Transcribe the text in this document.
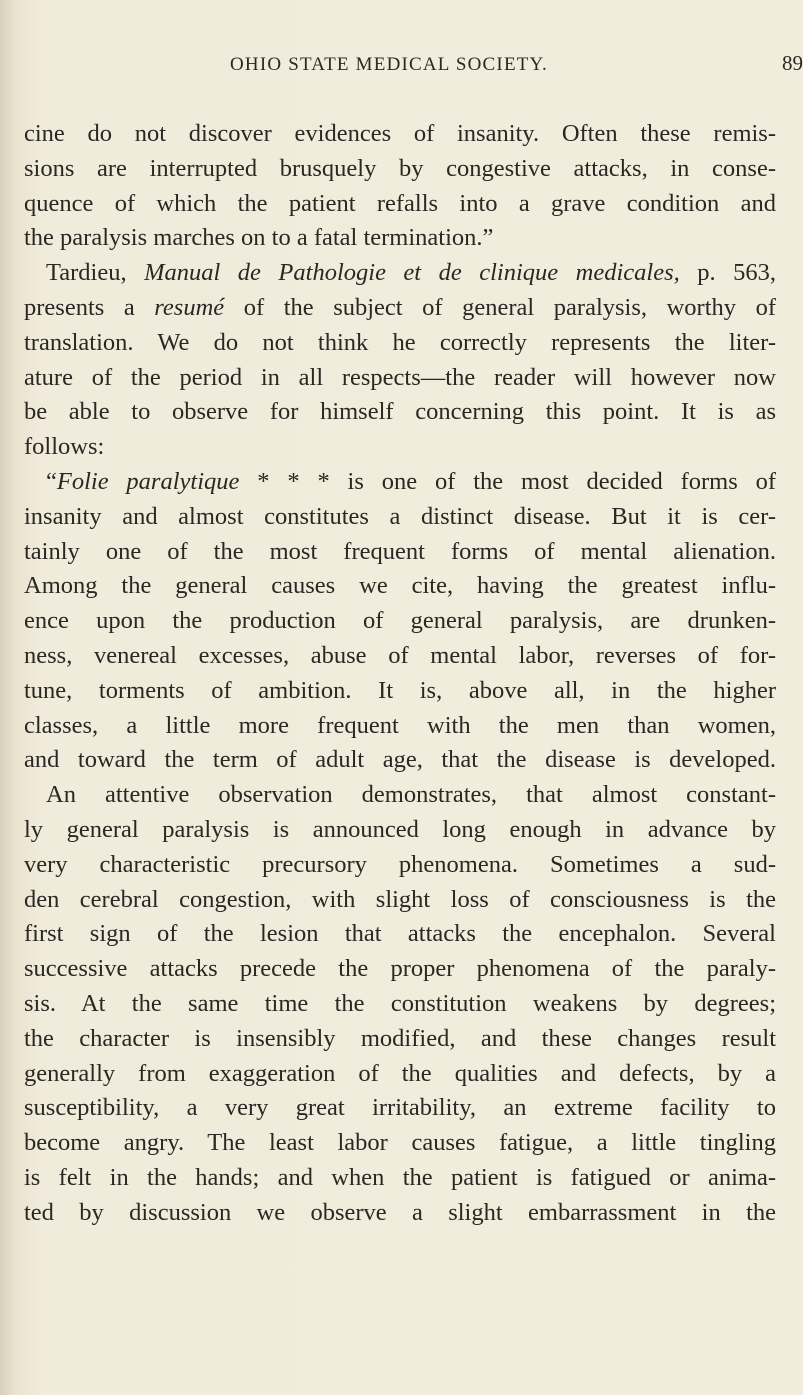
OHIO STATE MEDICAL SOCIETY.	89
cine do not discover evidences of insanity. Often these remis-
sions are interrupted brusquely by congestive attacks, in conse-
quence of which the patient refalls into a grave condition and
the paralysis marches on to a fatal termination.”
Tardieu, Manual de Pathologie et de clinique medicales, p. 563,
presents a resumé of the subject of general paralysis, worthy of
translation. We do not think he correctly represents the liter-
ature of the period in all respects—the reader will however now
be able to observe for himself concerning this point. It is as
follows:
“Folie paralytique * * * is one of the most decided forms of
insanity and almost constitutes a distinct disease. But it is cer-
tainly one of the most frequent forms of mental alienation.
Among the general causes we cite, having the greatest influ-
ence upon the production of general paralysis, are drunken-
ness, venereal excesses, abuse of mental labor, reverses of for-
tune, torments of ambition. It is, above all, in the higher
classes, a little more frequent with the men than women,
and toward the term of adult age, that the disease is developed.
An attentive observation demonstrates, that almost constant-
ly general paralysis is announced long enough in advance by
very characteristic precursory phenomena. Sometimes a sud-
den cerebral congestion, with slight loss of consciousness is the
first sign of the lesion that attacks the encephalon. Several
successive attacks precede the proper phenomena of the paraly-
sis. At the same time the constitution weakens by degrees;
the character is insensibly modified, and these changes result
generally from exaggeration of the qualities and defects, by a
susceptibility, a very great irritability, an extreme facility to
become angry. The least labor causes fatigue, a little tingling
is felt in the hands; and when the patient is fatigued or anima-
ted by discussion we observe a slight embarrassment in the
